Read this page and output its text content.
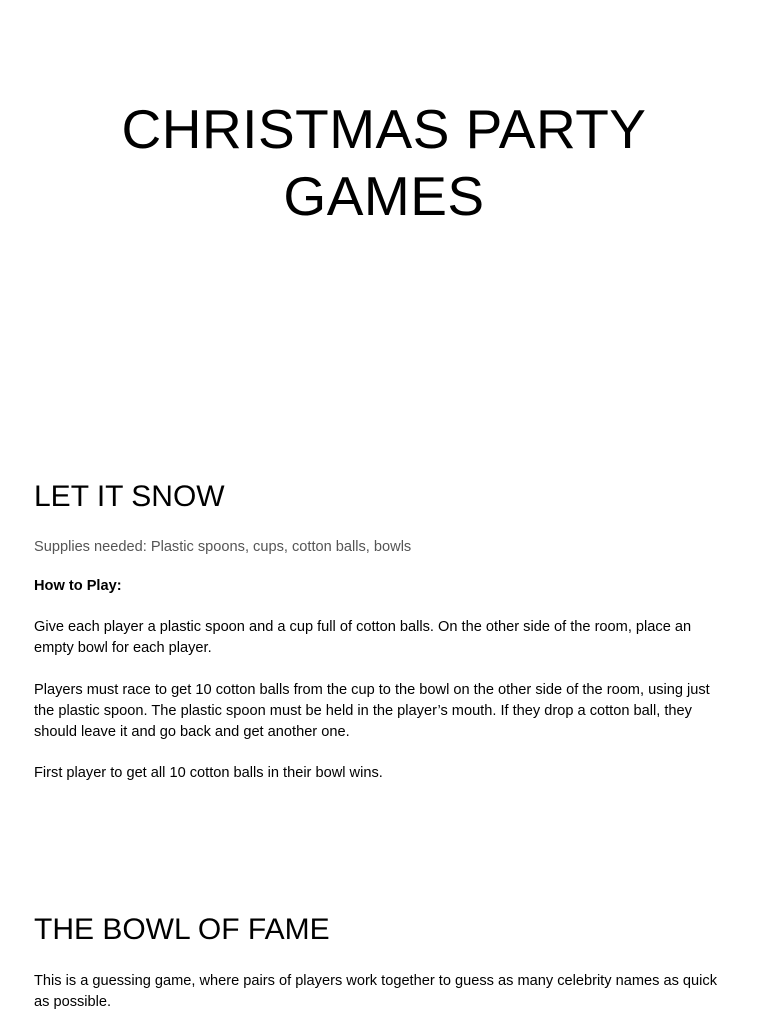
CHRISTMAS PARTY
GAMES
LET IT SNOW

Supplies needed: Plastic spoons, cups, cotton balls, bowls

How to Play:

Give each player a plastic spoon and a cup full of cotton balls. On the other side of the room, place an empty bowl for each player.

Players must race to get 10 cotton balls from the cup to the bowl on the other side of the room, using just the plastic spoon. The plastic spoon must be held in the player’s mouth. If they drop a cotton ball, they should leave it and go back and get another one.

First player to get all 10 cotton balls in their bowl wins.

THE BOWL OF FAME

This is a guessing game, where pairs of players work together to guess as many celebrity names as quick as possible.
